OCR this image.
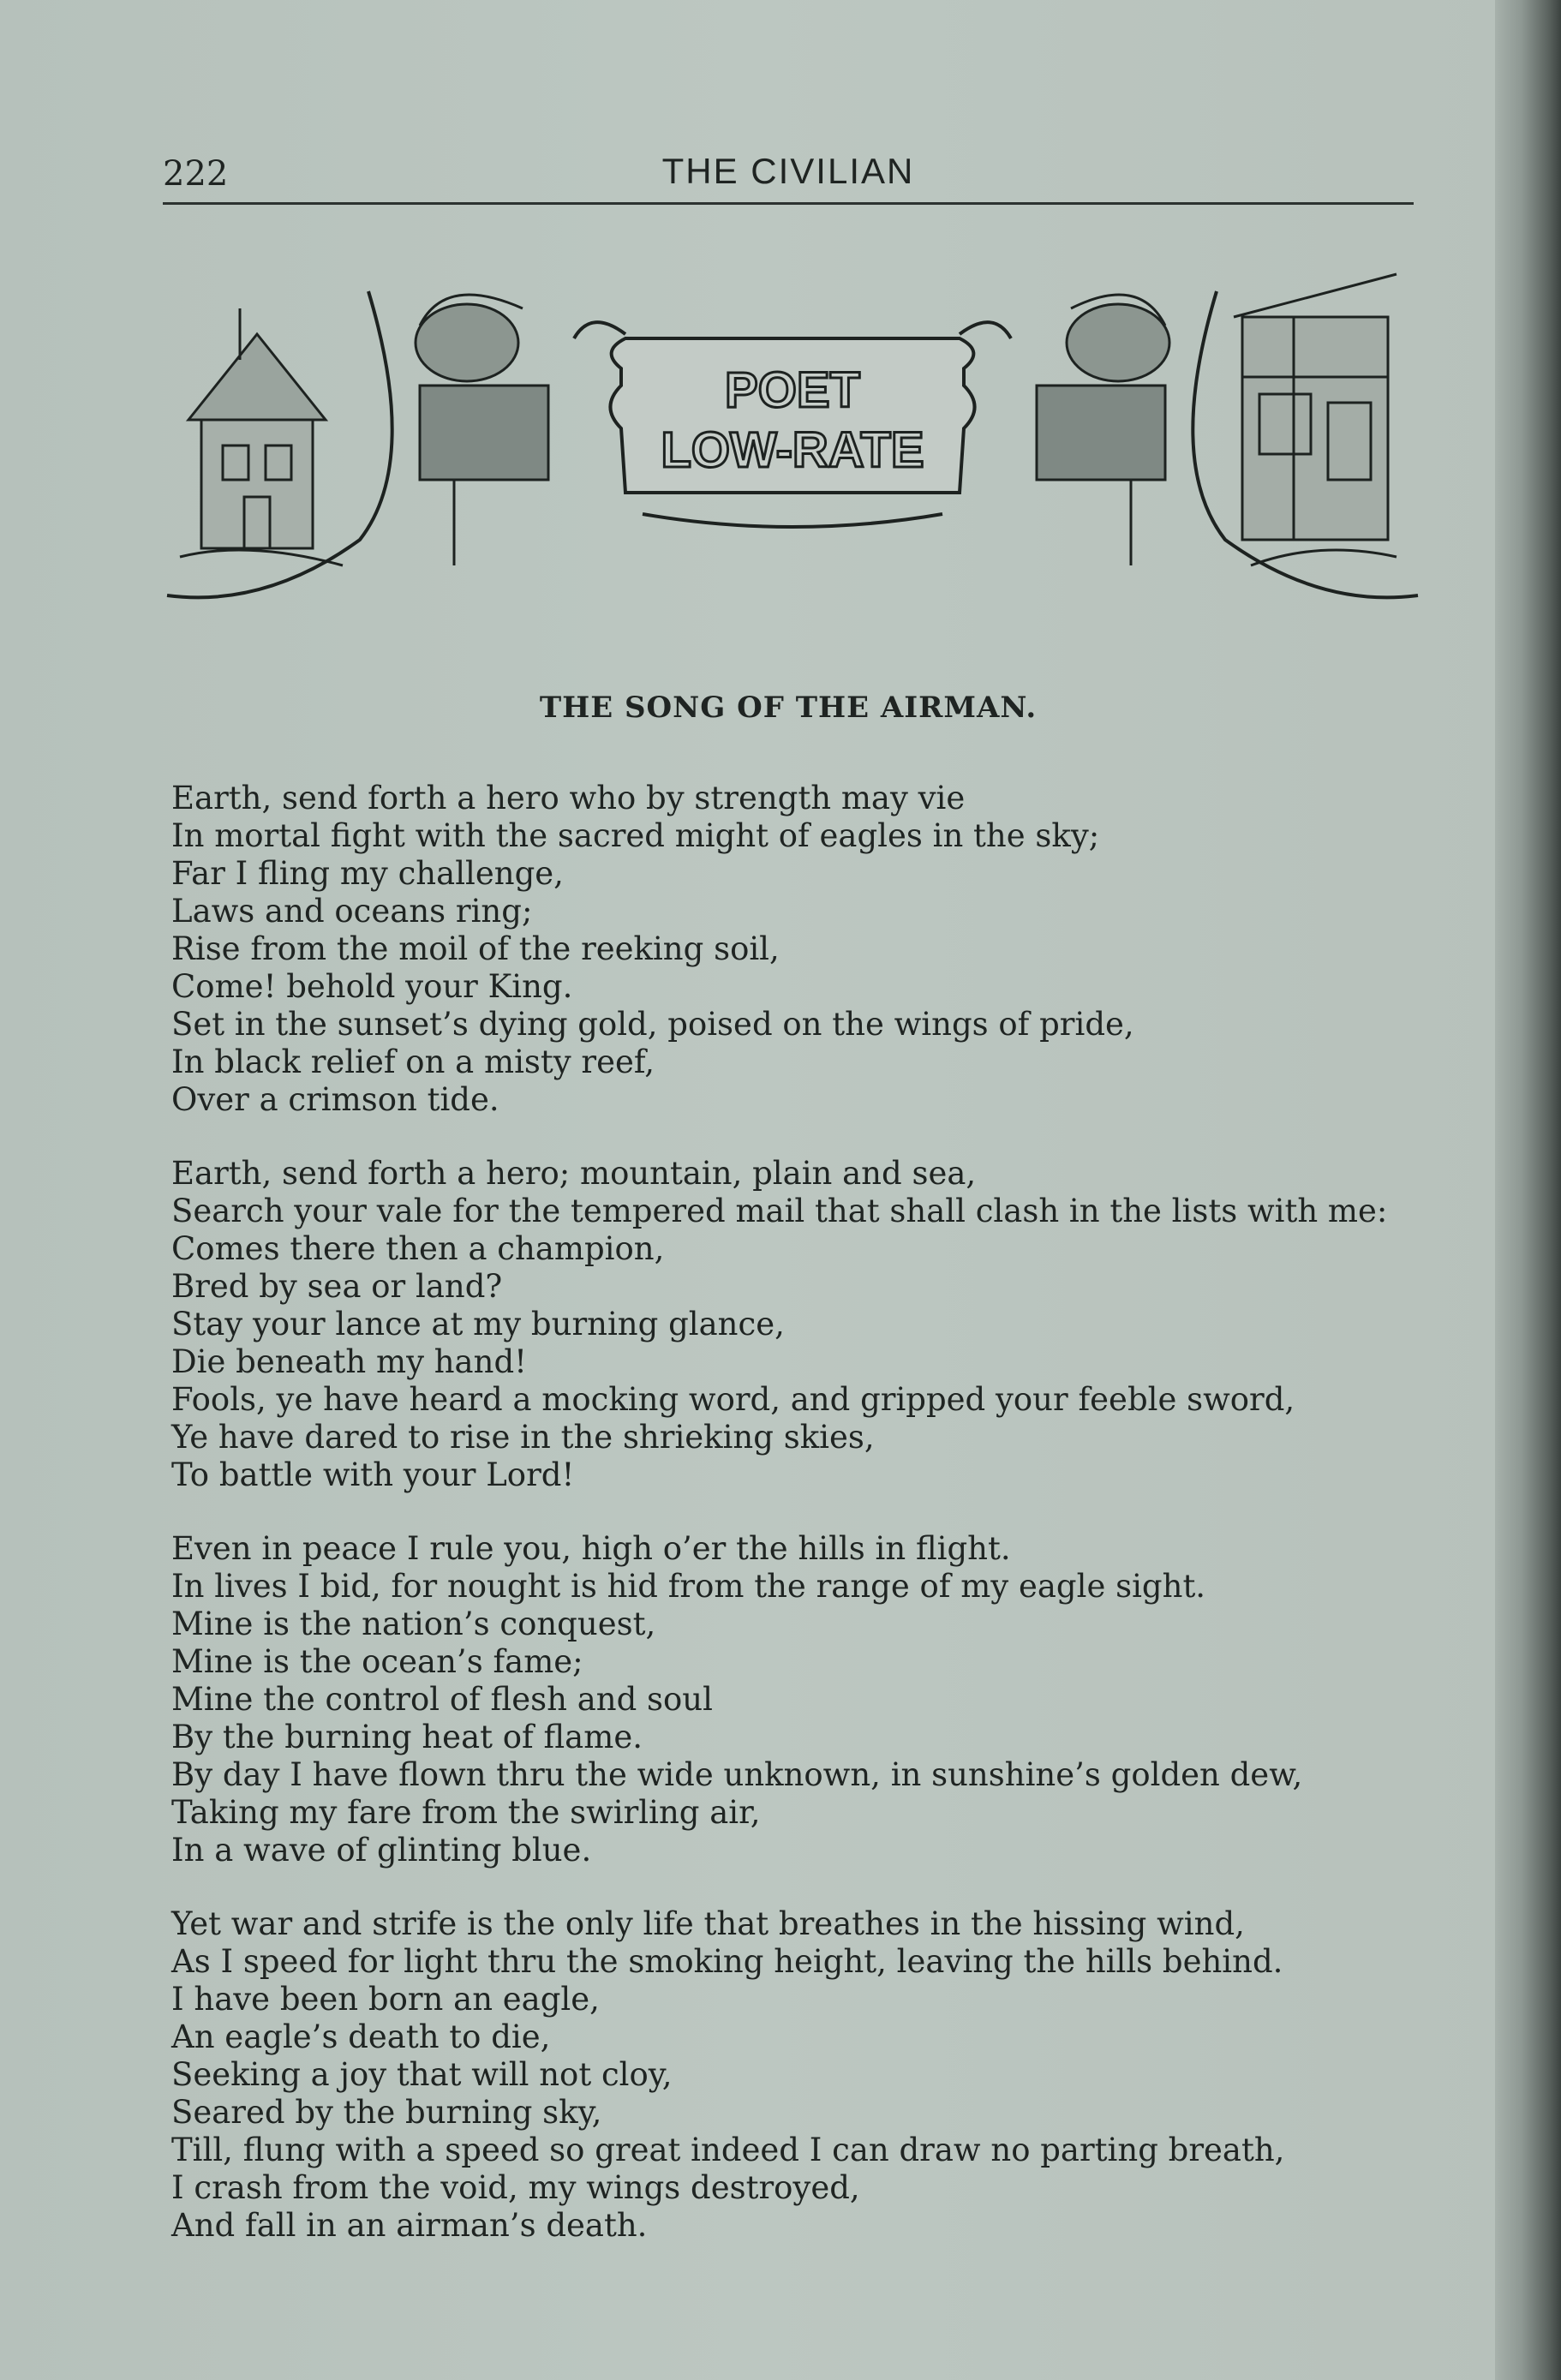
222	THE CIVILIAN
POET
LOW-RATE
THE SONG OF THE AIRMAN.
Earth, send forth a hero who by strength may vie
In mortal fight with the sacred might of eagles in the sky;
Far I fling my challenge,
Laws and oceans ring;
Rise from the moil of the reeking soil,
Come! behold your King.
Set in the sunset’s dying gold, poised on the wings of pride,
In black relief on a misty reef,
Over a crimson tide.
Earth, send forth a hero; mountain, plain and sea,
Search your vale for the tempered mail that shall clash in the lists with me:
Comes there then a champion,
Bred by sea or land?
Stay your lance at my burning glance,
Die beneath my hand!
Fools, ye have heard a mocking word, and gripped your feeble sword,
Ye have dared to rise in the shrieking skies,
To battle with your Lord!
Even in peace I rule you, high o’er the hills in flight.
In lives I bid, for nought is hid from the range of my eagle sight.
Mine is the nation’s conquest,
Mine is the ocean’s fame;
Mine the control of flesh and soul
By the burning heat of flame.
By day I have flown thru the wide unknown, in sunshine’s golden dew,
Taking my fare from the swirling air,
In a wave of glinting blue.
Yet war and strife is the only life that breathes in the hissing wind,
As I speed for light thru the smoking height, leaving the hills behind.
I have been born an eagle,
An eagle’s death to die,
Seeking a joy that will not cloy,
Seared by the burning sky,
Till, flung with a speed so great indeed I can draw no parting breath,
I crash from the void, my wings destroyed,
And fall in an airman’s death.
